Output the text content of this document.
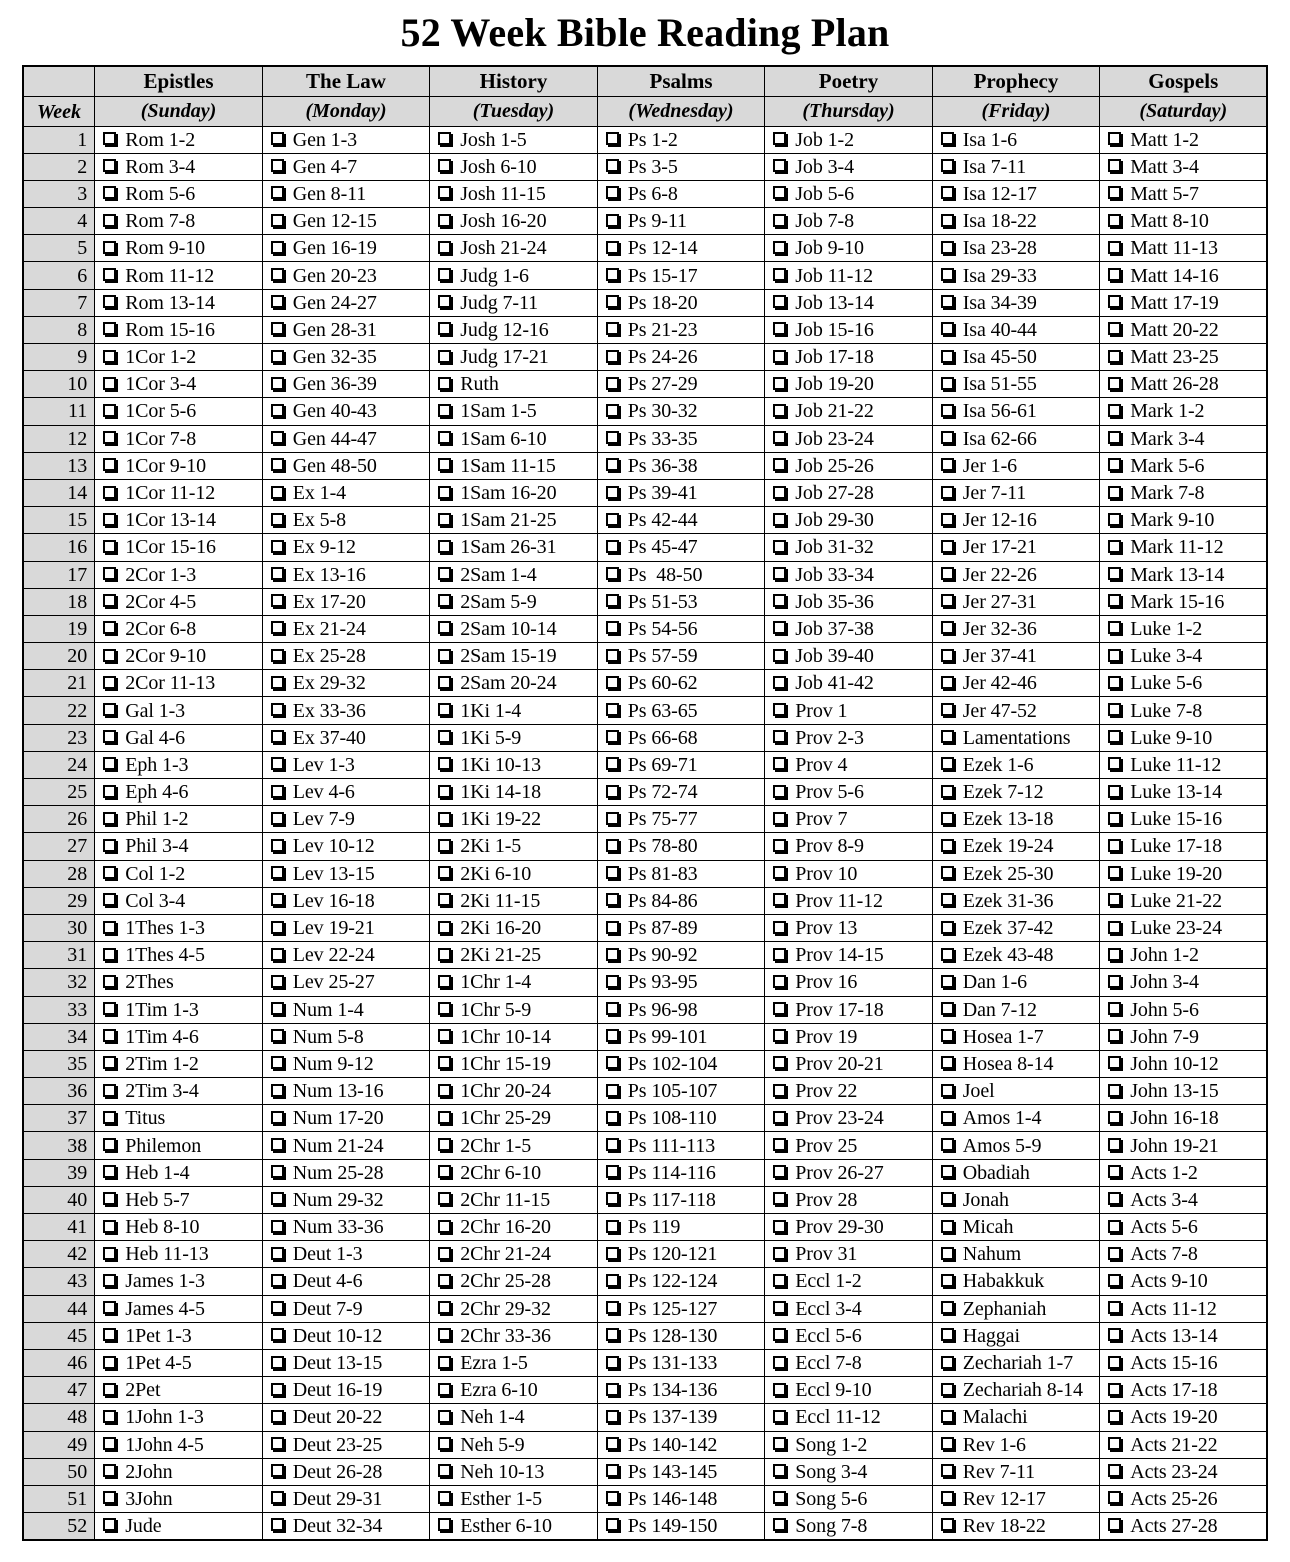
52 Week Bible Reading Plan
	Epistles	The Law	History	Psalms	Poetry	Prophecy	Gospels
Week	(Sunday)	(Monday)	(Tuesday)	(Wednesday)	(Thursday)	(Friday)	(Saturday)
1	Rom 1-2	Gen 1-3	Josh 1-5	Ps 1-2	Job 1-2	Isa 1-6	Matt 1-2

2	Rom 3-4	Gen 4-7	Josh 6-10	Ps 3-5	Job 3-4	Isa 7-11	Matt 3-4

3	Rom 5-6	Gen 8-11	Josh 11-15	Ps 6-8	Job 5-6	Isa 12-17	Matt 5-7

4	Rom 7-8	Gen 12-15	Josh 16-20	Ps 9-11	Job 7-8	Isa 18-22	Matt 8-10

5	Rom 9-10	Gen 16-19	Josh 21-24	Ps 12-14	Job 9-10	Isa 23-28	Matt 11-13

6	Rom 11-12	Gen 20-23	Judg 1-6	Ps 15-17	Job 11-12	Isa 29-33	Matt 14-16

7	Rom 13-14	Gen 24-27	Judg 7-11	Ps 18-20	Job 13-14	Isa 34-39	Matt 17-19

8	Rom 15-16	Gen 28-31	Judg 12-16	Ps 21-23	Job 15-16	Isa 40-44	Matt 20-22

9	1Cor 1-2	Gen 32-35	Judg 17-21	Ps 24-26	Job 17-18	Isa 45-50	Matt 23-25

10	1Cor 3-4	Gen 36-39	Ruth	Ps 27-29	Job 19-20	Isa 51-55	Matt 26-28

11	1Cor 5-6	Gen 40-43	1Sam 1-5	Ps 30-32	Job 21-22	Isa 56-61	Mark 1-2

12	1Cor 7-8	Gen 44-47	1Sam 6-10	Ps 33-35	Job 23-24	Isa 62-66	Mark 3-4

13	1Cor 9-10	Gen 48-50	1Sam 11-15	Ps 36-38	Job 25-26	Jer 1-6	Mark 5-6

14	1Cor 11-12	Ex 1-4	1Sam 16-20	Ps 39-41	Job 27-28	Jer 7-11	Mark 7-8

15	1Cor 13-14	Ex 5-8	1Sam 21-25	Ps 42-44	Job 29-30	Jer 12-16	Mark 9-10

16	1Cor 15-16	Ex 9-12	1Sam 26-31	Ps 45-47	Job 31-32	Jer 17-21	Mark 11-12

17	2Cor 1-3	Ex 13-16	2Sam 1-4	Ps  48-50	Job 33-34	Jer 22-26	Mark 13-14

18	2Cor 4-5	Ex 17-20	2Sam 5-9	Ps 51-53	Job 35-36	Jer 27-31	Mark 15-16

19	2Cor 6-8	Ex 21-24	2Sam 10-14	Ps 54-56	Job 37-38	Jer 32-36	Luke 1-2

20	2Cor 9-10	Ex 25-28	2Sam 15-19	Ps 57-59	Job 39-40	Jer 37-41	Luke 3-4

21	2Cor 11-13	Ex 29-32	2Sam 20-24	Ps 60-62	Job 41-42	Jer 42-46	Luke 5-6

22	Gal 1-3	Ex 33-36	1Ki 1-4	Ps 63-65	Prov 1	Jer 47-52	Luke 7-8

23	Gal 4-6	Ex 37-40	1Ki 5-9	Ps 66-68	Prov 2-3	Lamentations	Luke 9-10

24	Eph 1-3	Lev 1-3	1Ki 10-13	Ps 69-71	Prov 4	Ezek 1-6	Luke 11-12

25	Eph 4-6	Lev 4-6	1Ki 14-18	Ps 72-74	Prov 5-6	Ezek 7-12	Luke 13-14

26	Phil 1-2	Lev 7-9	1Ki 19-22	Ps 75-77	Prov 7	Ezek 13-18	Luke 15-16

27	Phil 3-4	Lev 10-12	2Ki 1-5	Ps 78-80	Prov 8-9	Ezek 19-24	Luke 17-18

28	Col 1-2	Lev 13-15	2Ki 6-10	Ps 81-83	Prov 10	Ezek 25-30	Luke 19-20

29	Col 3-4	Lev 16-18	2Ki 11-15	Ps 84-86	Prov 11-12	Ezek 31-36	Luke 21-22

30	1Thes 1-3	Lev 19-21	2Ki 16-20	Ps 87-89	Prov 13	Ezek 37-42	Luke 23-24

31	1Thes 4-5	Lev 22-24	2Ki 21-25	Ps 90-92	Prov 14-15	Ezek 43-48	John 1-2

32	2Thes	Lev 25-27	1Chr 1-4	Ps 93-95	Prov 16	Dan 1-6	John 3-4

33	1Tim 1-3	Num 1-4	1Chr 5-9	Ps 96-98	Prov 17-18	Dan 7-12	John 5-6

34	1Tim 4-6	Num 5-8	1Chr 10-14	Ps 99-101	Prov 19	Hosea 1-7	John 7-9

35	2Tim 1-2	Num 9-12	1Chr 15-19	Ps 102-104	Prov 20-21	Hosea 8-14	John 10-12

36	2Tim 3-4	Num 13-16	1Chr 20-24	Ps 105-107	Prov 22	Joel	John 13-15

37	Titus	Num 17-20	1Chr 25-29	Ps 108-110	Prov 23-24	Amos 1-4	John 16-18

38	Philemon	Num 21-24	2Chr 1-5	Ps 111-113	Prov 25	Amos 5-9	John 19-21

39	Heb 1-4	Num 25-28	2Chr 6-10	Ps 114-116	Prov 26-27	Obadiah	Acts 1-2

40	Heb 5-7	Num 29-32	2Chr 11-15	Ps 117-118	Prov 28	Jonah	Acts 3-4

41	Heb 8-10	Num 33-36	2Chr 16-20	Ps 119	Prov 29-30	Micah	Acts 5-6

42	Heb 11-13	Deut 1-3	2Chr 21-24	Ps 120-121	Prov 31	Nahum	Acts 7-8

43	James 1-3	Deut 4-6	2Chr 25-28	Ps 122-124	Eccl 1-2	Habakkuk	Acts 9-10

44	James 4-5	Deut 7-9	2Chr 29-32	Ps 125-127	Eccl 3-4	Zephaniah	Acts 11-12

45	1Pet 1-3	Deut 10-12	2Chr 33-36	Ps 128-130	Eccl 5-6	Haggai	Acts 13-14

46	1Pet 4-5	Deut 13-15	Ezra 1-5	Ps 131-133	Eccl 7-8	Zechariah 1-7	Acts 15-16

47	2Pet	Deut 16-19	Ezra 6-10	Ps 134-136	Eccl 9-10	Zechariah 8-14	Acts 17-18

48	1John 1-3	Deut 20-22	Neh 1-4	Ps 137-139	Eccl 11-12	Malachi	Acts 19-20

49	1John 4-5	Deut 23-25	Neh 5-9	Ps 140-142	Song 1-2	Rev 1-6	Acts 21-22

50	2John	Deut 26-28	Neh 10-13	Ps 143-145	Song 3-4	Rev 7-11	Acts 23-24

51	3John	Deut 29-31	Esther 1-5	Ps 146-148	Song 5-6	Rev 12-17	Acts 25-26

52	Jude	Deut 32-34	Esther 6-10	Ps 149-150	Song 7-8	Rev 18-22	Acts 27-28
